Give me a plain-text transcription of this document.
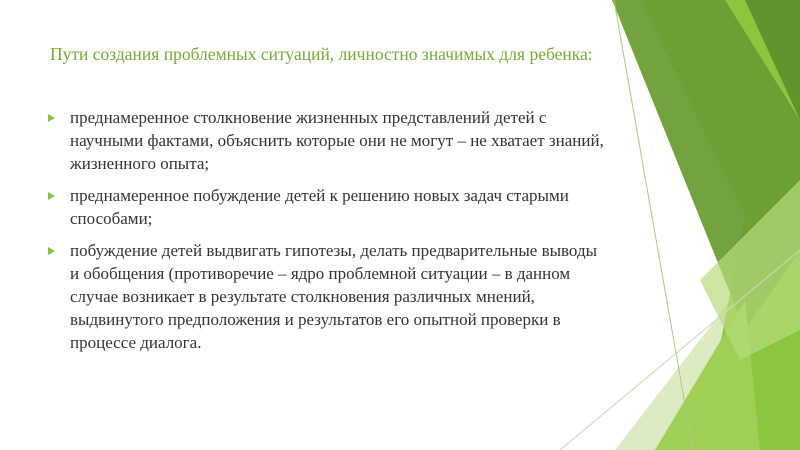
Пути создания проблемных ситуаций, личностно значимых для ребенка:
преднамеренное столкновение жизненных представлений детей с научными фактами, объяснить которые они не могут – не хватает знаний, жизненного опыта;
преднамеренное побуждение детей к решению новых задач старыми способами;
побуждение детей выдвигать гипотезы, делать предварительные выводы и обобщения (противоречие – ядро проблемной ситуации – в данном случае возникает в результате столкновения различных мнений, выдвинутого предположения и результатов его опытной проверки в процессе диалога.
